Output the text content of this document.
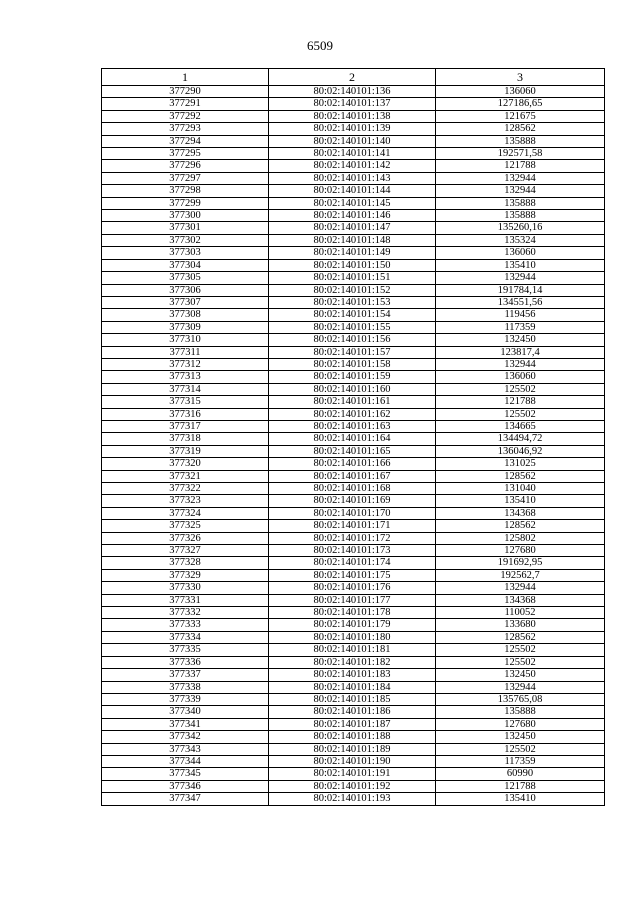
6509
1	2	3
377290	80:02:140101:136	136060
377291	80:02:140101:137	127186,65
377292	80:02:140101:138	121675
377293	80:02:140101:139	128562
377294	80:02:140101:140	135888
377295	80:02:140101:141	192571,58
377296	80:02:140101:142	121788
377297	80:02:140101:143	132944
377298	80:02:140101:144	132944
377299	80:02:140101:145	135888
377300	80:02:140101:146	135888
377301	80:02:140101:147	135260,16
377302	80:02:140101:148	135324
377303	80:02:140101:149	136060
377304	80:02:140101:150	135410
377305	80:02:140101:151	132944
377306	80:02:140101:152	191784,14
377307	80:02:140101:153	134551,56
377308	80:02:140101:154	119456
377309	80:02:140101:155	117359
377310	80:02:140101:156	132450
377311	80:02:140101:157	123817,4
377312	80:02:140101:158	132944
377313	80:02:140101:159	136060
377314	80:02:140101:160	125502
377315	80:02:140101:161	121788
377316	80:02:140101:162	125502
377317	80:02:140101:163	134665
377318	80:02:140101:164	134494,72
377319	80:02:140101:165	136046,92
377320	80:02:140101:166	131025
377321	80:02:140101:167	128562
377322	80:02:140101:168	131040
377323	80:02:140101:169	135410
377324	80:02:140101:170	134368
377325	80:02:140101:171	128562
377326	80:02:140101:172	125802
377327	80:02:140101:173	127680
377328	80:02:140101:174	191692,95
377329	80:02:140101:175	192562,7
377330	80:02:140101:176	132944
377331	80:02:140101:177	134368
377332	80:02:140101:178	110052
377333	80:02:140101:179	133680
377334	80:02:140101:180	128562
377335	80:02:140101:181	125502
377336	80:02:140101:182	125502
377337	80:02:140101:183	132450
377338	80:02:140101:184	132944
377339	80:02:140101:185	135765,08
377340	80:02:140101:186	135888
377341	80:02:140101:187	127680
377342	80:02:140101:188	132450
377343	80:02:140101:189	125502
377344	80:02:140101:190	117359
377345	80:02:140101:191	60990
377346	80:02:140101:192	121788
377347	80:02:140101:193	135410
